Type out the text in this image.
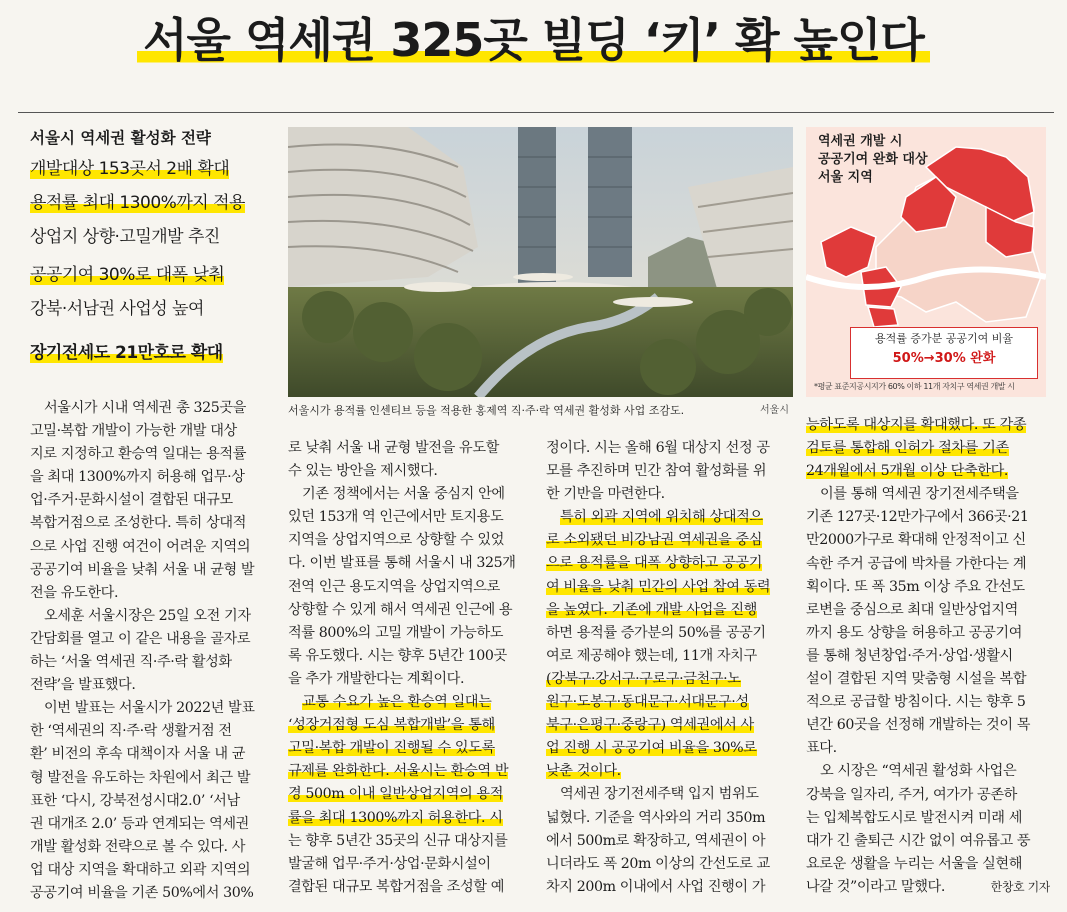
서울 역세권 325곳 빌딩 ‘키’ 확 높인다
서울시 역세권 활성화 전략
개발대상 153곳서 2배 확대
용적률 최대 1300%까지 적용
상업지 상향·고밀개발 추진
공공기여 30%로 대폭 낮춰
강북·서남권 사업성 높여
장기전세도 21만호로 확대
서울시가 용적률 인센티브 등을 적용한 홍제역 직·주·락 역세권 활성화 사업 조감도.	서울시
역세권 개발 시
공공기여 완화 대상
서울 지역
용적률 증가분 공공기여 비율
50%→30% 완화
*평균 표준지공시지가 60% 이하 11개 자치구 역세권 개발 시
서울시가 시내 역세권 총 325곳을
고밀·복합 개발이 가능한 개발 대상
지로 지정하고 환승역 일대는 용적률
을 최대 1300%까지 허용해 업무·상
업·주거·문화시설이 결합된 대규모
복합거점으로 조성한다. 특히 상대적
으로 사업 진행 여건이 어려운 지역의
공공기여 비율을 낮춰 서울 내 균형 발
전을 유도한다.
오세훈 서울시장은 25일 오전 기자
간담회를 열고 이 같은 내용을 골자로
하는 ‘서울 역세권 직·주·락 활성화
전략’을 발표했다.
이번 발표는 서울시가 2022년 발표
한 ‘역세권의 직·주·락 생활거점 전
환’ 비전의 후속 대책이자 서울 내 균
형 발전을 유도하는 차원에서 최근 발
표한 ‘다시, 강북전성시대2.0’ ‘서남
권 대개조 2.0’ 등과 연계되는 역세권
개발 활성화 전략으로 볼 수 있다. 사
업 대상 지역을 확대하고 외곽 지역의
공공기여 비율을 기존 50%에서 30%
로 낮춰 서울 내 균형 발전을 유도할
수 있는 방안을 제시했다.
기존 정책에서는 서울 중심지 안에
있던 153개 역 인근에서만 토지용도
지역을 상업지역으로 상향할 수 있었
다. 이번 발표를 통해 서울시 내 325개
전역 인근 용도지역을 상업지역으로
상향할 수 있게 해서 역세권 인근에 용
적률 800%의 고밀 개발이 가능하도
록 유도했다. 시는 향후 5년간 100곳
을 추가 개발한다는 계획이다.
교통 수요가 높은 환승역 일대는
‘성장거점형 도심 복합개발’을 통해
고밀·복합 개발이 진행될 수 있도록
규제를 완화한다. 서울시는 환승역 반
경 500m 이내 일반상업지역의 용적
률을 최대 1300%까지 허용한다. 시
는 향후 5년간 35곳의 신규 대상지를
발굴해 업무·주거·상업·문화시설이
결합된 대규모 복합거점을 조성할 예
정이다. 시는 올해 6월 대상지 선정 공
모를 추진하며 민간 참여 활성화를 위
한 기반을 마련한다.
특히 외곽 지역에 위치해 상대적으
로 소외됐던 비강남권 역세권을 중심
으로 용적률을 대폭 상향하고 공공기
여 비율을 낮춰 민간의 사업 참여 동력
을 높였다. 기존에 개발 사업을 진행
하면 용적률 증가분의 50%를 공공기
여로 제공해야 했는데, 11개 자치구
(강북구·강서구·구로구·금천구·노
원구·도봉구·동대문구·서대문구·성
북구·은평구·중랑구) 역세권에서 사
업 진행 시 공공기여 비율을 30%로
낮춘 것이다.
역세권 장기전세주택 입지 범위도
넓혔다. 기준을 역사와의 거리 350m
에서 500m로 확장하고, 역세권이 아
니더라도 폭 20m 이상의 간선도로 교
차지 200m 이내에서 사업 진행이 가
능하도록 대상지를 확대했다. 또 각종
검토를 통합해 인허가 절차를 기존
24개월에서 5개월 이상 단축한다.
이를 통해 역세권 장기전세주택을
기존 127곳·12만가구에서 366곳·21
만2000가구로 확대해 안정적이고 신
속한 주거 공급에 박차를 가한다는 계
획이다. 또 폭 35m 이상 주요 간선도
로변을 중심으로 최대 일반상업지역
까지 용도 상향을 허용하고 공공기여
를 통해 청년창업·주거·상업·생활시
설이 결합된 지역 맞춤형 시설을 복합
적으로 공급할 방침이다. 시는 향후 5
년간 60곳을 선정해 개발하는 것이 목
표다.
오 시장은 “역세권 활성화 사업은
강북을 일자리, 주거, 여가가 공존하
는 입체복합도시로 발전시켜 미래 세
대가 긴 출퇴근 시간 없이 여유롭고 풍
요로운 생활을 누리는 서울을 실현해
나갈 것”이라고 말했다.	한창호 기자
